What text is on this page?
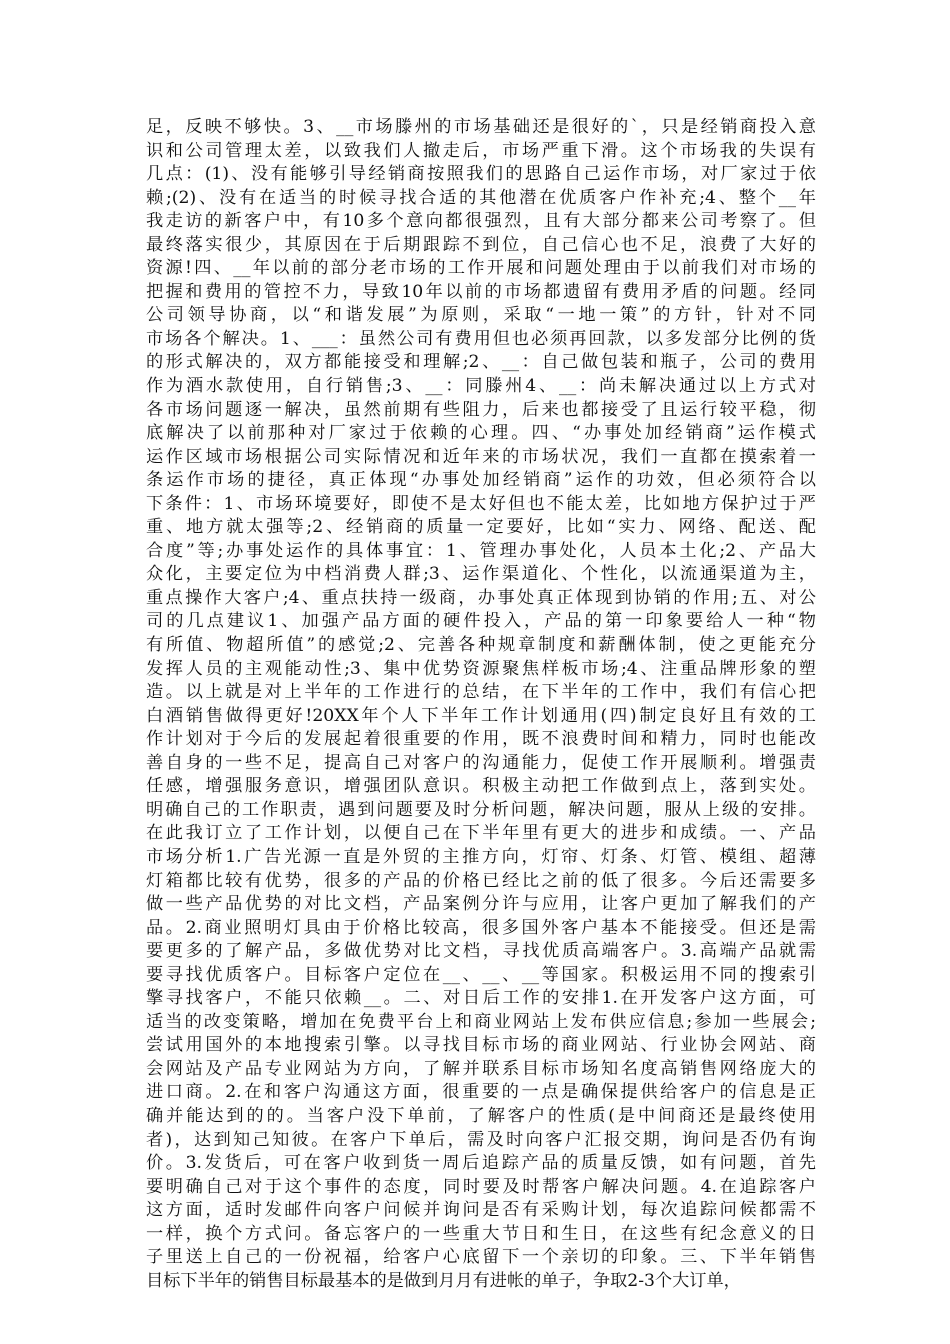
足，反映不够快。3、__市场滕州的市场基础还是很好的`，只是经销商投入意
识和公司管理太差，以致我们人撤走后，市场严重下滑。这个市场我的失误有
几点：(1)、没有能够引导经销商按照我们的思路自己运作市场，对厂家过于依
赖;(2)、没有在适当的时候寻找合适的其他潜在优质客户作补充;4、整个__年
我走访的新客户中，有10多个意向都很强烈，且有大部分都来公司考察了。但
最终落实很少，其原因在于后期跟踪不到位，自己信心也不足，浪费了大好的
资源!四、__年以前的部分老市场的工作开展和问题处理由于以前我们对市场的
把握和费用的管控不力，导致10年以前的市场都遗留有费用矛盾的问题。经同
公司领导协商，以“和谐发展”为原则，采取“一地一策”的方针，针对不同
市场各个解决。1、___：虽然公司有费用但也必须再回款，以多发部分比例的货
的形式解决的，双方都能接受和理解;2、__：自己做包装和瓶子，公司的费用
作为酒水款使用，自行销售;3、__：同滕州4、__：尚未解决通过以上方式对
各市场问题逐一解决，虽然前期有些阻力，后来也都接受了且运行较平稳，彻
底解决了以前那种对厂家过于依赖的心理。四、“办事处加经销商”运作模式
运作区域市场根据公司实际情况和近年来的市场状况，我们一直都在摸索着一
条运作市场的捷径，真正体现“办事处加经销商”运作的功效，但必须符合以
下条件：1、市场环境要好，即使不是太好但也不能太差，比如地方保护过于严
重、地方就太强等;2、经销商的质量一定要好，比如“实力、网络、配送、配
合度”等;办事处运作的具体事宜：1、管理办事处化，人员本土化;2、产品大
众化，主要定位为中档消费人群;3、运作渠道化、个性化，以流通渠道为主，
重点操作大客户;4、重点扶持一级商，办事处真正体现到协销的作用;五、对公
司的几点建议1、加强产品方面的硬件投入，产品的第一印象要给人一种“物
有所值、物超所值”的感觉;2、完善各种规章制度和薪酬体制，使之更能充分
发挥人员的主观能动性;3、集中优势资源聚焦样板市场;4、注重品牌形象的塑
造。以上就是对上半年的工作进行的总结，在下半年的工作中，我们有信心把
白酒销售做得更好!20XX年个人下半年工作计划通用(四)制定良好且有效的工
作计划对于今后的发展起着很重要的作用，既不浪费时间和精力，同时也能改
善自身的一些不足，提高自己对客户的沟通能力，促使工作开展顺利。增强责
任感，增强服务意识，增强团队意识。积极主动把工作做到点上，落到实处。
明确自己的工作职责，遇到问题要及时分析问题，解决问题，服从上级的安排。
在此我订立了工作计划，以便自己在下半年里有更大的进步和成绩。一、产品
市场分析1.广告光源一直是外贸的主推方向，灯帘、灯条、灯管、模组、超薄
灯箱都比较有优势，很多的产品的价格已经比之前的低了很多。今后还需要多
做一些产品优势的对比文档，产品案例分许与应用，让客户更加了解我们的产
品。2.商业照明灯具由于价格比较高，很多国外客户基本不能接受。但还是需
要更多的了解产品，多做优势对比文档，寻找优质高端客户。3.高端产品就需
要寻找优质客户。目标客户定位在__、__、__等国家。积极运用不同的搜索引
擎寻找客户，不能只依赖__。二、对日后工作的安排1.在开发客户这方面，可
适当的改变策略，增加在免费平台上和商业网站上发布供应信息;参加一些展会;
尝试用国外的本地搜索引擎。以寻找目标市场的商业网站、行业协会网站、商
会网站及产品专业网站为方向，了解并联系目标市场知名度高销售网络庞大的
进口商。2.在和客户沟通这方面，很重要的一点是确保提供给客户的信息是正
确并能达到的的。当客户没下单前，了解客户的性质(是中间商还是最终使用
者)，达到知己知彼。在客户下单后，需及时向客户汇报交期，询问是否仍有询
价。3.发货后，可在客户收到货一周后追踪产品的质量反馈，如有问题，首先
要明确自己对于这个事件的态度，同时要及时帮客户解决问题。4.在追踪客户
这方面，适时发邮件向客户问候并询问是否有采购计划，每次追踪问候都需不
一样，换个方式问。备忘客户的一些重大节日和生日，在这些有纪念意义的日
子里送上自己的一份祝福，给客户心底留下一个亲切的印象。三、下半年销售
目标下半年的销售目标最基本的是做到月月有进帐的单子，争取2-3个大订单，
